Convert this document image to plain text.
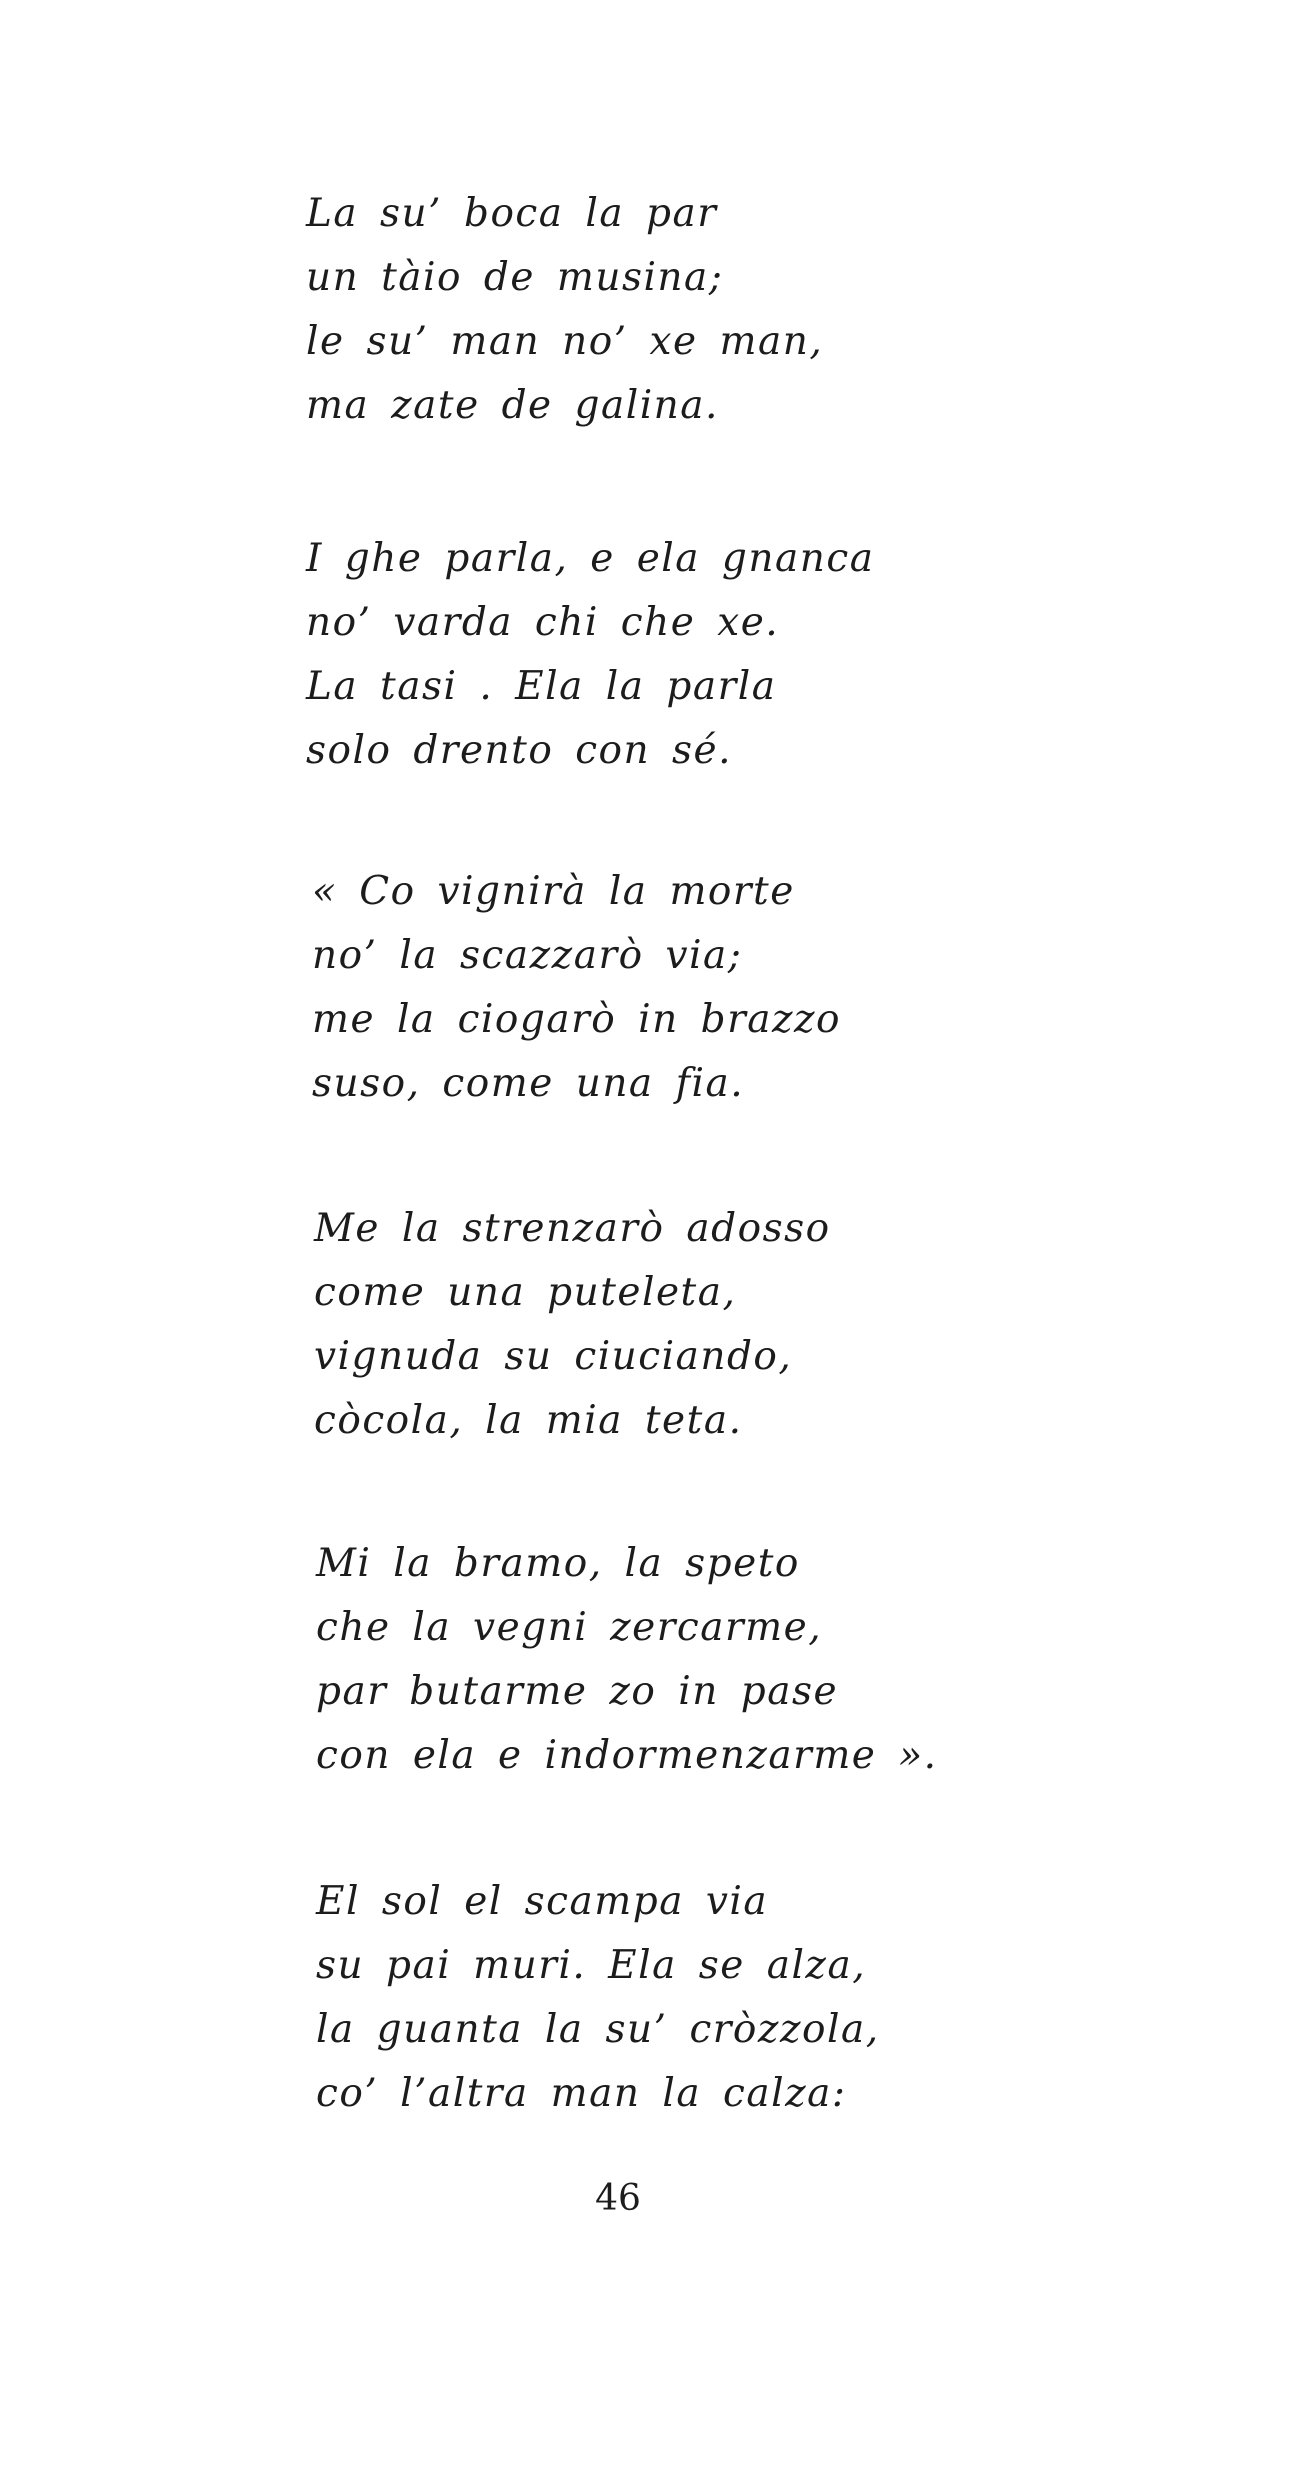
La su’ boca la par
un tàio de musina;
le su’ man no’ xe man,
ma zate de galina.
I ghe parla, e ela gnanca
no’ varda chi che xe.
La tasi . Ela la parla
solo drento con sé.
« Co vignirà la morte
no’ la scazzarò via;
me la ciogarò in brazzo
suso, come una fia.
Me la strenzarò adosso
come una puteleta,
vignuda su ciuciando,
còcola, la mia teta.
Mi la bramo, la speto
che la vegni zercarme,
par butarme zo in pase
con ela e indormenzarme ».
El sol el scampa via
su pai muri. Ela se alza,
la guanta la su’ cròzzola,
co’ l’altra man la calza:
46
